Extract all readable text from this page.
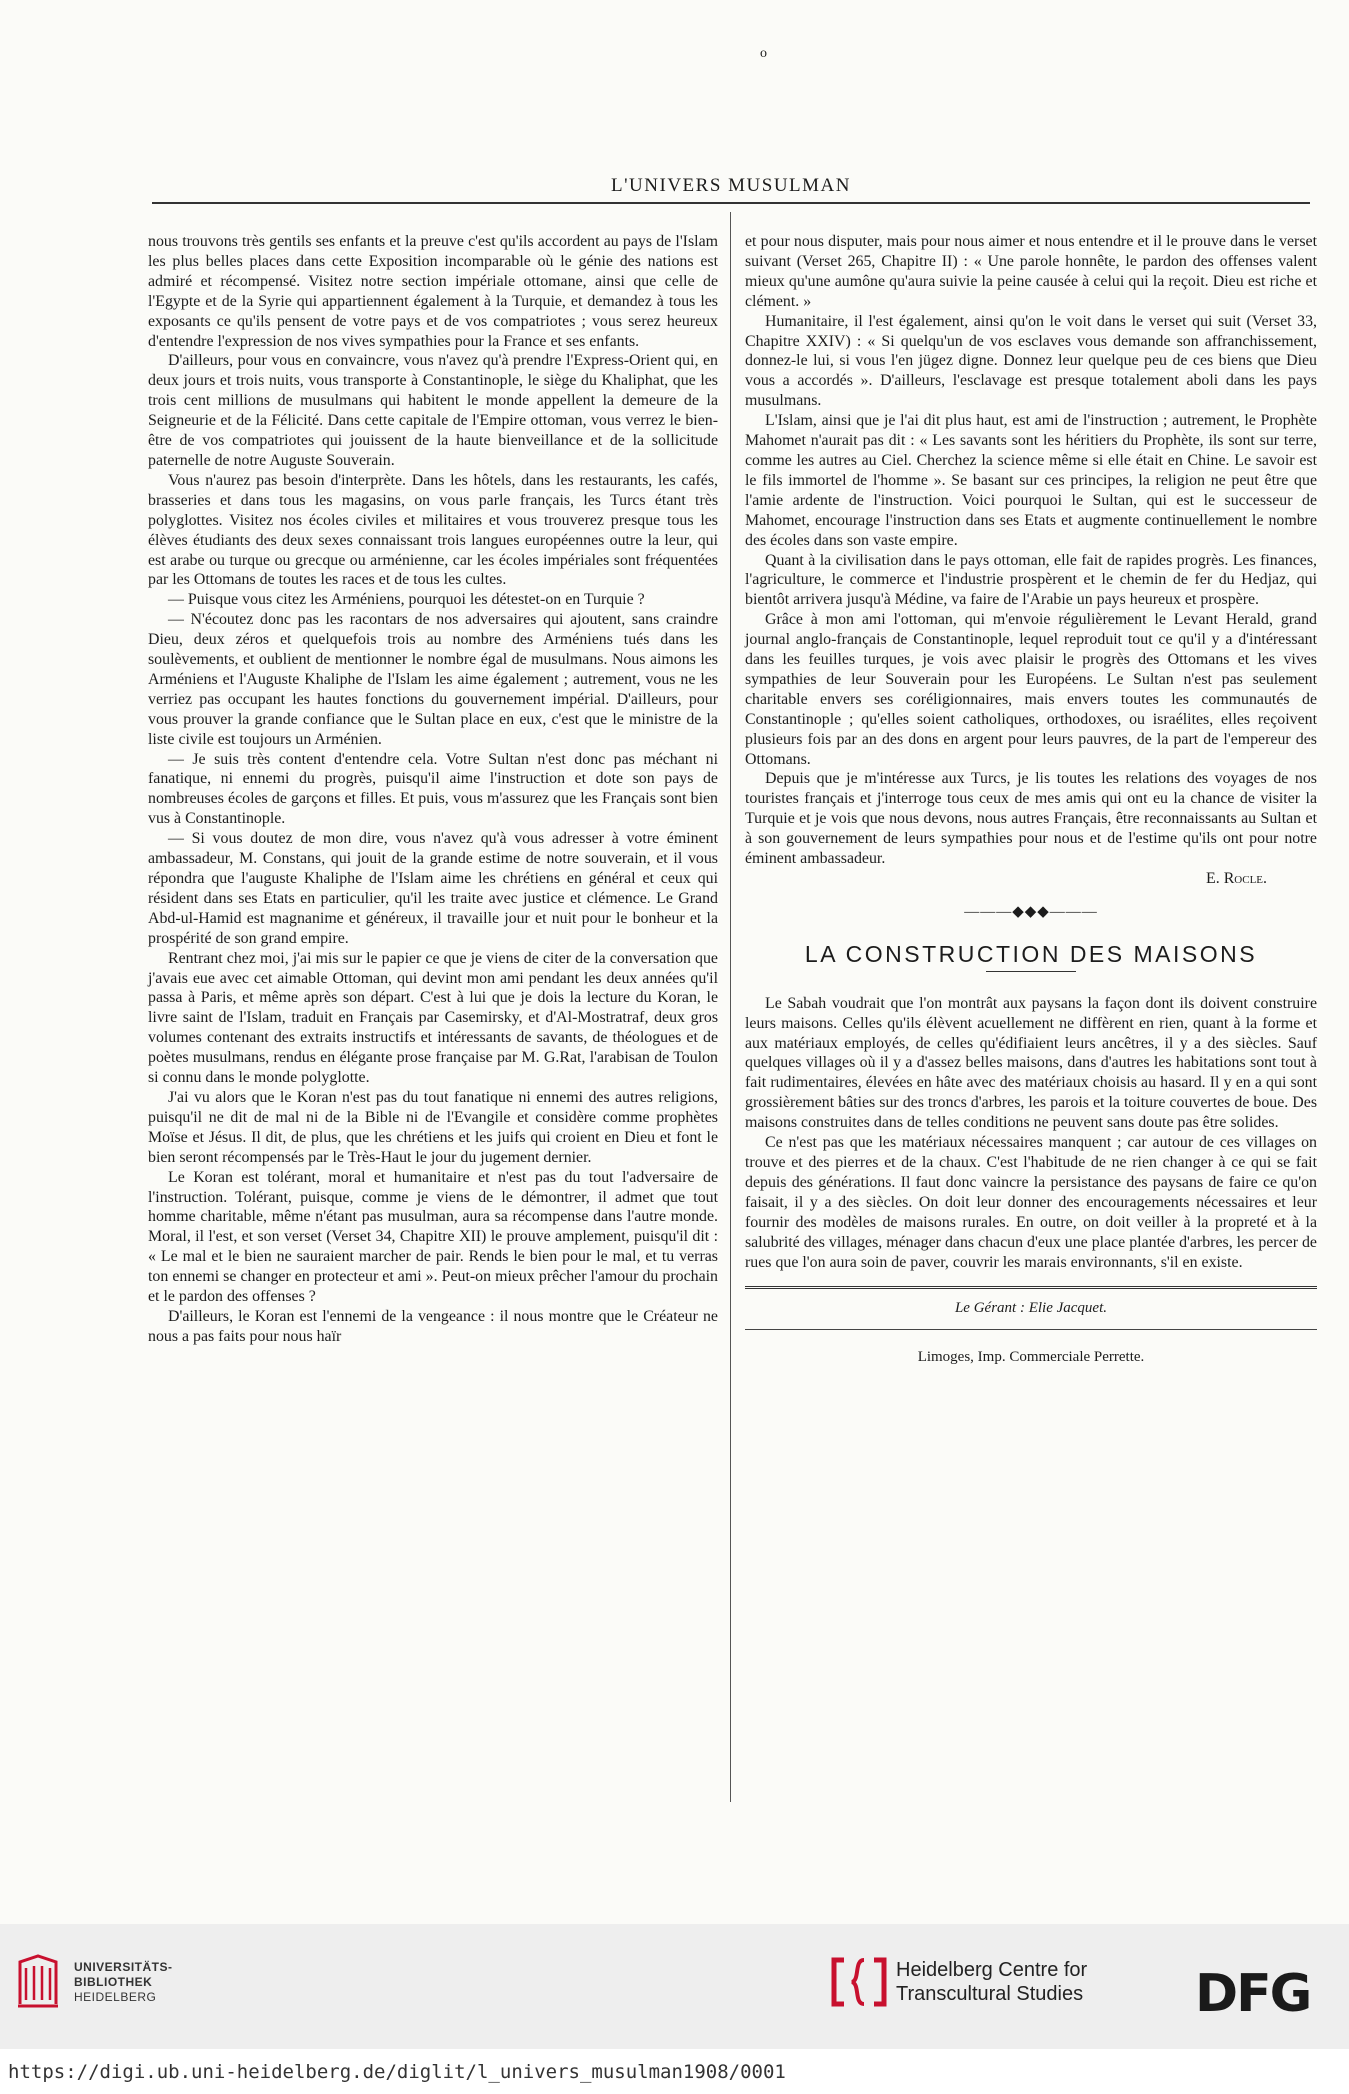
o
L'UNIVERS MUSULMAN

nous trouvons très gentils ses enfants et la preuve c'est qu'ils accordent au pays de l'Islam les plus belles places dans cette Exposition incomparable où le génie des nations est admiré et récompensé. Visitez notre section impériale ottomane, ainsi que celle de l'Egypte et de la Syrie qui appartiennent également à la Turquie, et demandez à tous les exposants ce qu'ils pensent de votre pays et de vos compatriotes ; vous serez heureux d'entendre l'expression de nos vives sympathies pour la France et ses enfants.

D'ailleurs, pour vous en convaincre, vous n'avez qu'à prendre l'Express-Orient qui, en deux jours et trois nuits, vous transporte à Constantinople, le siège du Khaliphat, que les trois cent millions de musulmans qui habitent le monde appellent la demeure de la Seigneurie et de la Félicité. Dans cette capitale de l'Empire ottoman, vous verrez le bien-être de vos compatriotes qui jouissent de la haute bienveillance et de la sollicitude paternelle de notre Auguste Souverain.

Vous n'aurez pas besoin d'interprète. Dans les hôtels, dans les restaurants, les cafés, brasseries et dans tous les magasins, on vous parle français, les Turcs étant très polyglottes. Visitez nos écoles civiles et militaires et vous trouverez presque tous les élèves étudiants des deux sexes connaissant trois langues européennes outre la leur, qui est arabe ou turque ou grecque ou arménienne, car les écoles impériales sont fréquentées par les Ottomans de toutes les races et de tous les cultes.

— Puisque vous citez les Arméniens, pourquoi les détestet-on en Turquie ?

— N'écoutez donc pas les racontars de nos adversaires qui ajoutent, sans craindre Dieu, deux zéros et quelquefois trois au nombre des Arméniens tués dans les soulèvements, et oublient de mentionner le nombre égal de musulmans. Nous aimons les Arméniens et l'Auguste Khaliphe de l'Islam les aime également ; autrement, vous ne les verriez pas occupant les hautes fonctions du gouvernement impérial. D'ailleurs, pour vous prouver la grande confiance que le Sultan place en eux, c'est que le ministre de la liste civile est toujours un Arménien.

— Je suis très content d'entendre cela. Votre Sultan n'est donc pas méchant ni fanatique, ni ennemi du progrès, puisqu'il aime l'instruction et dote son pays de nombreuses écoles de garçons et filles. Et puis, vous m'assurez que les Français sont bien vus à Constantinople.

— Si vous doutez de mon dire, vous n'avez qu'à vous adresser à votre éminent ambassadeur, M. Constans, qui jouit de la grande estime de notre souverain, et il vous répondra que l'auguste Khaliphe de l'Islam aime les chrétiens en général et ceux qui résident dans ses Etats en particulier, qu'il les traite avec justice et clémence. Le Grand Abd-ul-Hamid est magnanime et généreux, il travaille jour et nuit pour le bonheur et la prospérité de son grand empire.

Rentrant chez moi, j'ai mis sur le papier ce que je viens de citer de la conversation que j'avais eue avec cet aimable Ottoman, qui devint mon ami pendant les deux années qu'il passa à Paris, et même après son départ. C'est à lui que je dois la lecture du Koran, le livre saint de l'Islam, traduit en Français par Casemirsky, et d'Al-Mostratraf, deux gros volumes contenant des extraits instructifs et intéressants de savants, de théologues et de poètes musulmans, rendus en élégante prose française par M. G.Rat, l'arabisan de Toulon si connu dans le monde polyglotte.

J'ai vu alors que le Koran n'est pas du tout fanatique ni ennemi des autres religions, puisqu'il ne dit de mal ni de la Bible ni de l'Evangile et considère comme prophètes Moïse et Jésus. Il dit, de plus, que les chrétiens et les juifs qui croient en Dieu et font le bien seront récompensés par le Très-Haut le jour du jugement dernier.

Le Koran est tolérant, moral et humanitaire et n'est pas du tout l'adversaire de l'instruction. Tolérant, puisque, comme je viens de le démontrer, il admet que tout homme charitable, même n'étant pas musulman, aura sa récompense dans l'autre monde. Moral, il l'est, et son verset (Verset 34, Chapitre XII) le prouve amplement, puisqu'il dit : « Le mal et le bien ne sauraient marcher de pair. Rends le bien pour le mal, et tu verras ton ennemi se changer en protecteur et ami ». Peut-on mieux prêcher l'amour du prochain et le pardon des offenses ?

D'ailleurs, le Koran est l'ennemi de la vengeance : il nous montre que le Créateur ne nous a pas faits pour nous haïr

et pour nous disputer, mais pour nous aimer et nous entendre et il le prouve dans le verset suivant (Verset 265, Chapitre II) : « Une parole honnête, le pardon des offenses valent mieux qu'une aumône qu'aura suivie la peine causée à celui qui la reçoit. Dieu est riche et clément. »

Humanitaire, il l'est également, ainsi qu'on le voit dans le verset qui suit (Verset 33, Chapitre XXIV) : « Si quelqu'un de vos esclaves vous demande son affranchissement, donnez-le lui, si vous l'en jügez digne. Donnez leur quelque peu de ces biens que Dieu vous a accordés ». D'ailleurs, l'esclavage est presque totalement aboli dans les pays musulmans.

L'Islam, ainsi que je l'ai dit plus haut, est ami de l'instruction ; autrement, le Prophète Mahomet n'aurait pas dit : « Les savants sont les héritiers du Prophète, ils sont sur terre, comme les autres au Ciel. Cherchez la science même si elle était en Chine. Le savoir est le fils immortel de l'homme ». Se basant sur ces principes, la religion ne peut être que l'amie ardente de l'instruction. Voici pourquoi le Sultan, qui est le successeur de Mahomet, encourage l'instruction dans ses Etats et augmente continuellement le nombre des écoles dans son vaste empire.

Quant à la civilisation dans le pays ottoman, elle fait de rapides progrès. Les finances, l'agriculture, le commerce et l'industrie prospèrent et le chemin de fer du Hedjaz, qui bientôt arrivera jusqu'à Médine, va faire de l'Arabie un pays heureux et prospère.

Grâce à mon ami l'ottoman, qui m'envoie régulièrement le Levant Herald, grand journal anglo-français de Constantinople, lequel reproduit tout ce qu'il y a d'intéressant dans les feuilles turques, je vois avec plaisir le progrès des Ottomans et les vives sympathies de leur Souverain pour les Européens. Le Sultan n'est pas seulement charitable envers ses coréligionnaires, mais envers toutes les communautés de Constantinople ; qu'elles soient catholiques, orthodoxes, ou israélites, elles reçoivent plusieurs fois par an des dons en argent pour leurs pauvres, de la part de l'empereur des Ottomans.

Depuis que je m'intéresse aux Turcs, je lis toutes les relations des voyages de nos touristes français et j'interroge tous ceux de mes amis qui ont eu la chance de visiter la Turquie et je vois que nous devons, nous autres Français, être reconnaissants au Sultan et à son gouvernement de leurs sympathies pour nous et de l'estime qu'ils ont pour notre éminent ambassadeur.

E. Rocle.

———◆◆◆———
LA CONSTRUCTION DES MAISONS

Le Sabah voudrait que l'on montrât aux paysans la façon dont ils doivent construire leurs maisons. Celles qu'ils élèvent acuellement ne diffèrent en rien, quant à la forme et aux matériaux employés, de celles qu'édifiaient leurs ancêtres, il y a des siècles. Sauf quelques villages où il y a d'assez belles maisons, dans d'autres les habitations sont tout à fait rudimentaires, élevées en hâte avec des matériaux choisis au hasard. Il y en a qui sont grossièrement bâties sur des troncs d'arbres, les parois et la toiture couvertes de boue. Des maisons construites dans de telles conditions ne peuvent sans doute pas être solides.

Ce n'est pas que les matériaux nécessaires manquent ; car autour de ces villages on trouve et des pierres et de la chaux. C'est l'habitude de ne rien changer à ce qui se fait depuis des générations. Il faut donc vaincre la persistance des paysans de faire ce qu'on faisait, il y a des siècles. On doit leur donner des encouragements nécessaires et leur fournir des modèles de maisons rurales. En outre, on doit veiller à la propreté et à la salubrité des villages, ménager dans chacun d'eux une place plantée d'arbres, les percer de rues que l'on aura soin de paver, couvrir les marais environnants, s'il en existe.

Le Gérant : Elie Jacquet.
Limoges, Imp. Commerciale Perrette.
UNIVERSITÄTS-
BIBLIOTHEK
HEIDELBERG
Heidelberg Centre for
Transcultural Studies DFG
https://digi.ub.uni-heidelberg.de/diglit/l_univers_musulman1908/0001
